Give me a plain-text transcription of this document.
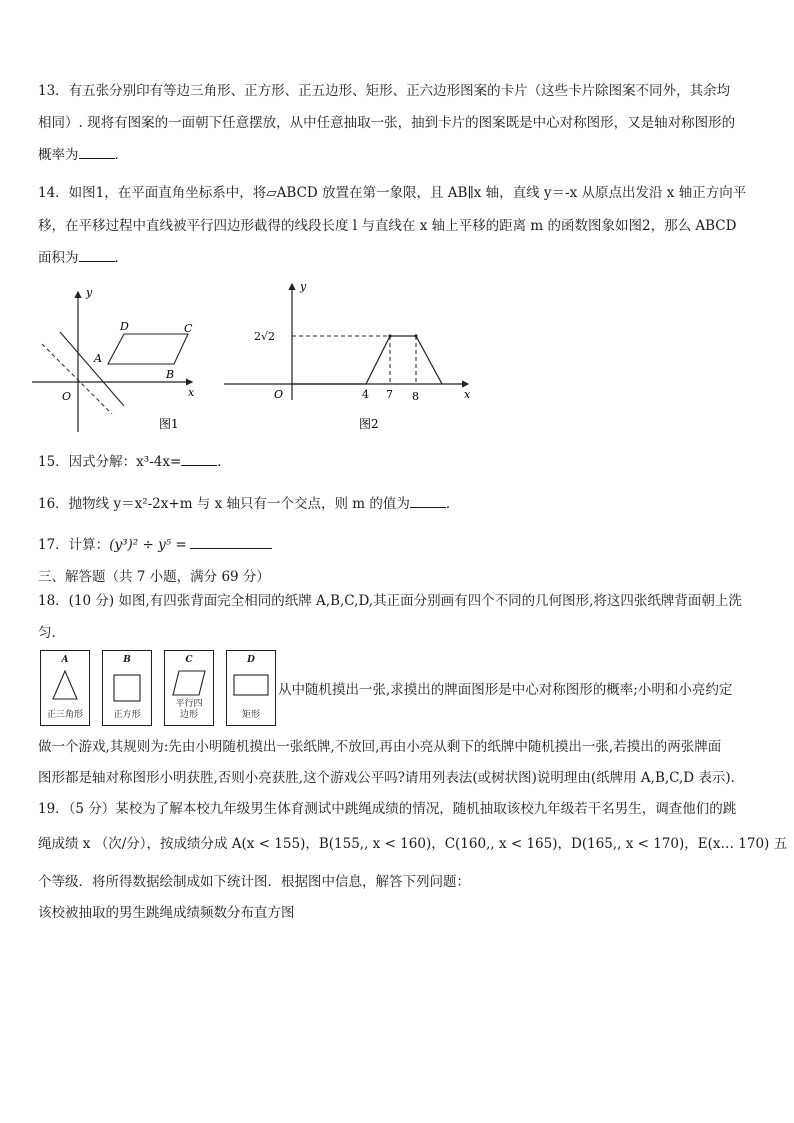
13．有五张分别印有等边三角形、正方形、正五边形、矩形、正六边形图案的卡片（这些卡片除图案不同外，其余均
相同）. 现将有图案的一面朝下任意摆放，从中任意抽取一张，抽到卡片的图案既是中心对称图形，又是轴对称图形的
概率为	．
14．如图1，在平面直角坐标系中，将▱ABCD 放置在第一象限，且 AB∥x 轴，直线 y＝-x 从原点出发沿 x 轴正方向平
移，在平移过程中直线被平行四边形截得的线段长度 l 与直线在 x 轴上平移的距离 m 的函数图象如图2，那么 ABCD
面积为	．
y
x
O
A
B
C
D
图1
y
x
O
2√2
4 7 8
图2
15．因式分解：x³-4x=	．
16．抛物线 y＝x²-2x+m 与 x 轴只有一个交点，则 m 的值为	．
17．计算：(y³)² ÷ y⁵ =
三、解答题（共 7 小题，满分 69 分）
18．(10 分) 如图,有四张背面完全相同的纸牌 A,B,C,D,其正面分别画有四个不同的几何图形,将这四张纸牌背面朝上洗
匀.
A
正三角形
B
正方形
C
平行四边形
D
矩形
从中随机摸出一张,求摸出的牌面图形是中心对称图形的概率;小明和小亮约定
做一个游戏,其规则为:先由小明随机摸出一张纸牌,不放回,再由小亮从剩下的纸牌中随机摸出一张,若摸出的两张牌面
图形都是轴对称图形小明获胜,否则小亮获胜,这个游戏公平吗?请用列表法(或树状图)说明理由(纸牌用 A,B,C,D 表示).
19．（5 分）某校为了解本校九年级男生体育测试中跳绳成绩的情况，随机抽取该校九年级若干名男生，调查他们的跳
绳成绩 x （次/分），按成绩分成 A(x < 155)，B(155,, x < 160)，C(160,, x < 165)，D(165,, x < 170)，E(x… 170) 五
个等级．将所得数据绘制成如下统计图．根据图中信息，解答下列问题：
该校被抽取的男生跳绳成绩频数分布直方图
